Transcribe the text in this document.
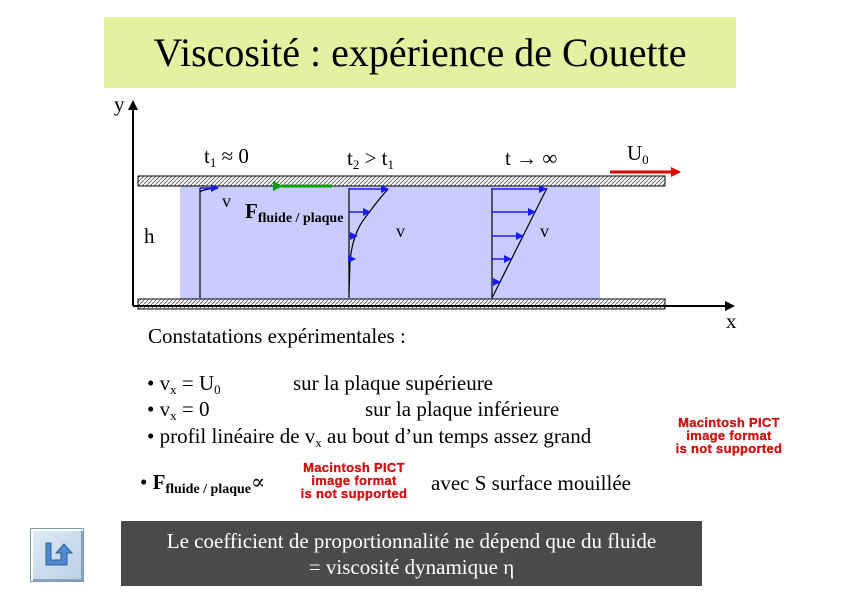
Viscosité : expérience de Couette
y
x
h
$t_1 \approx 0$	$t_2 > t_1$	t → ∞	$U_0$
v
v	v
Ffluide / plaque
Constatations expérimentales :
• $v_x = U_0$	sur la plaque supérieure
• $v_x = 0$	sur la plaque inférieure
• profil linéaire de $v_x$ au bout d’un temps assez grand
Macintosh PICT
image format
is not supported
• Ffluide / plaque∝
Macintosh PICT
image format
is not supported	avec S surface mouillée
Le coefficient de proportionnalité ne dépend que du fluide
= viscosité dynamique η
